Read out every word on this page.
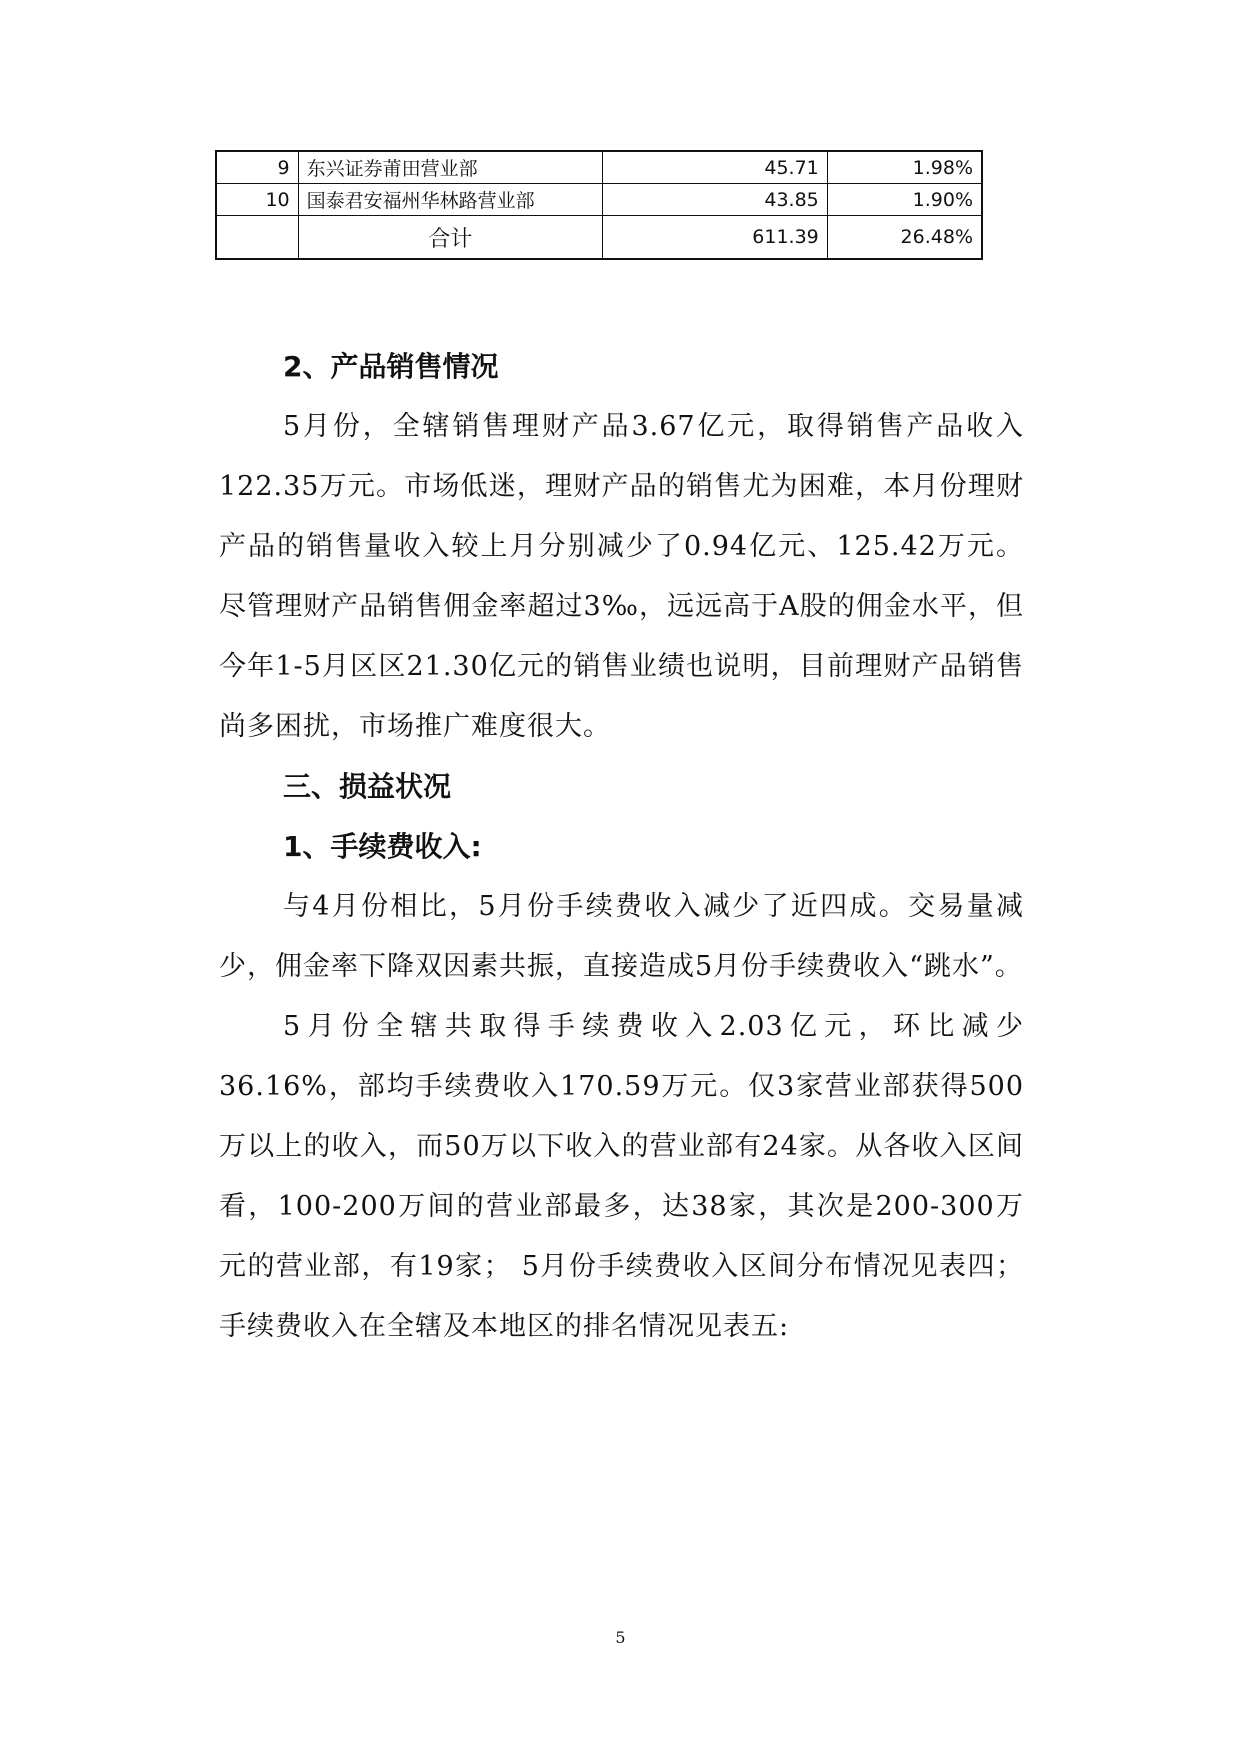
9	东兴证券莆田营业部	45.71	1.98%
10	国泰君安福州华林路营业部	43.85	1.90%
	合计	611.39	26.48%

2、产品销售情况

5月份，全辖销售理财产品3.67亿元，取得销售产品收入122.35万元。市场低迷，理财产品的销售尤为困难，本月份理财产品的销售量收入较上月分别减少了0.94亿元、125.42万元。尽管理财产品销售佣金率超过3‰，远远高于A股的佣金水平，但今年1-5月区区21.30亿元的销售业绩也说明，目前理财产品销售尚多困扰，市场推广难度很大。

三、损益状况

1、手续费收入:

与4月份相比，5月份手续费收入减少了近四成。交易量减少，佣金率下降双因素共振，直接造成5月份手续费收入“跳水”。

5月份全辖共取得手续费收入2.03亿元，环比减少36.16%，部均手续费收入170.59万元。仅3家营业部获得500万以上的收入，而50万以下收入的营业部有24家。从各收入区间看，100-200万间的营业部最多，达38家，其次是200-300万元的营业部，有19家； 5月份手续费收入区间分布情况见表四；手续费收入在全辖及本地区的排名情况见表五:

5
